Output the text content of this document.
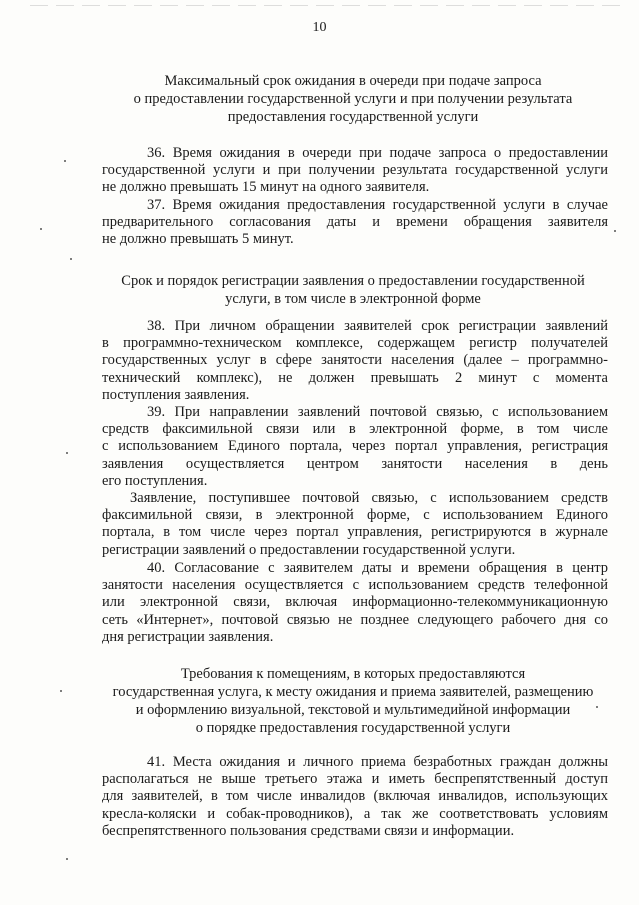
10
Максимальный срок ожидания в очереди при подаче запроса
о предоставлении государственной услуги и при получении результата
предоставления государственной услуги
36. Время ожидания в очереди при подаче запроса о предоставлении
государственной услуги и при получении результата государственной услуги
не должно превышать 15 минут на одного заявителя.
37. Время ожидания предоставления государственной услуги в случае
предварительного согласования даты и времени обращения заявителя
не должно превышать 5 минут.
Срок и порядок регистрации заявления о предоставлении государственной
услуги, в том числе в электронной форме
38. При личном обращении заявителей срок регистрации заявлений
в программно-техническом комплексе, содержащем регистр получателей
государственных услуг в сфере занятости населения (далее – программно-
технический комплекс), не должен превышать 2 минут с момента
поступления заявления.
39. При направлении заявлений почтовой связью, с использованием
средств факсимильной связи или в электронной форме, в том числе
с использованием Единого портала, через портал управления, регистрация
заявления осуществляется центром занятости населения в день
его поступления.
Заявление, поступившее почтовой связью, с использованием средств
факсимильной связи, в электронной форме, с использованием Единого
портала, в том числе через портал управления, регистрируются в журнале
регистрации заявлений о предоставлении государственной услуги.
40. Согласование с заявителем даты и времени обращения в центр
занятости населения осуществляется с использованием средств телефонной
или электронной связи, включая информационно-телекоммуникационную
сеть «Интернет», почтовой связью не позднее следующего рабочего дня со
дня регистрации заявления.
Требования к помещениям, в которых предоставляются
государственная услуга, к месту ожидания и приема заявителей, размещению
и оформлению визуальной, текстовой и мультимедийной информации
о порядке предоставления государственной услуги
41. Места ожидания и личного приема безработных граждан должны
располагаться не выше третьего этажа и иметь беспрепятственный доступ
для заявителей, в том числе инвалидов (включая инвалидов, использующих
кресла-коляски и собак-проводников), а так же соответствовать условиям
беспрепятственного пользования средствами связи и информации.
